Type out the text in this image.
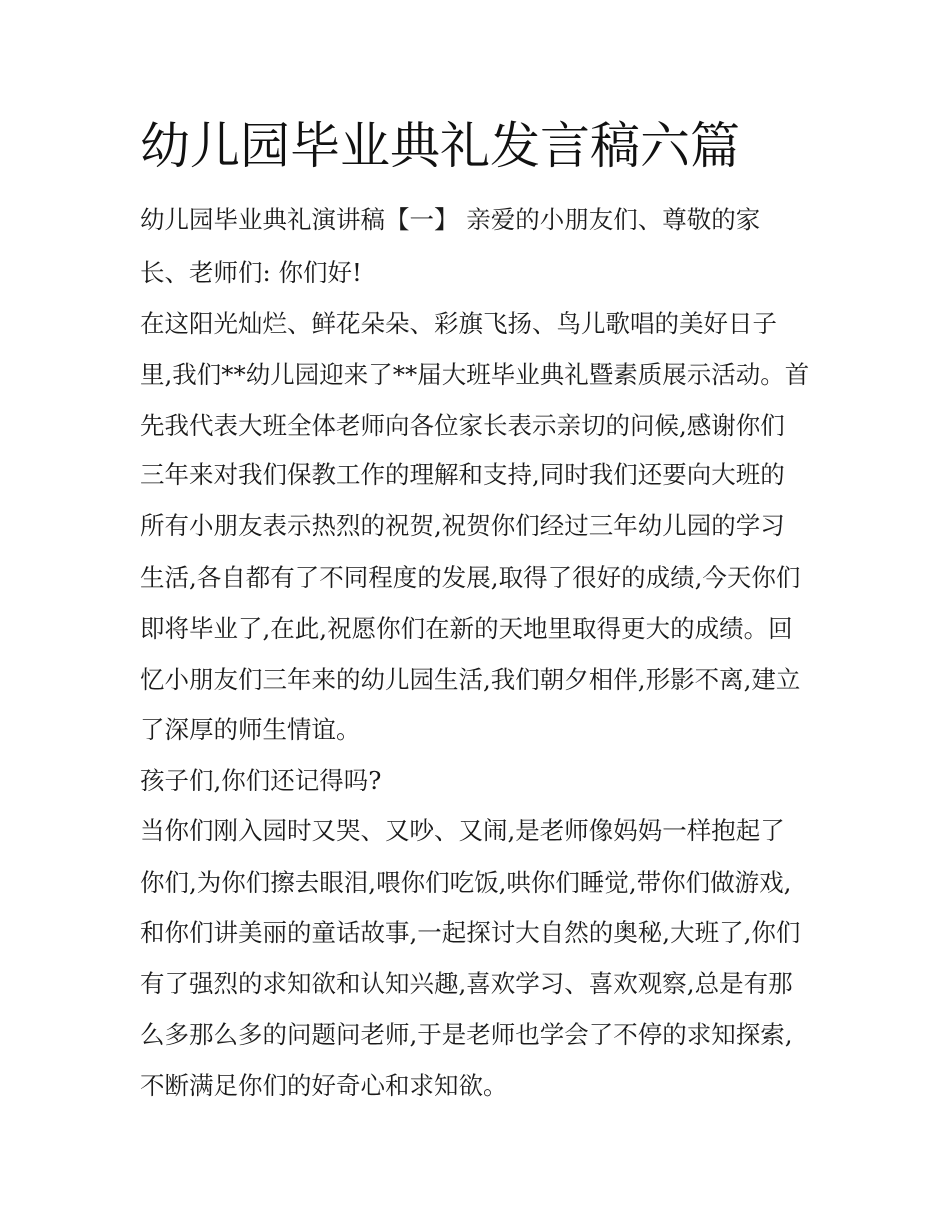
幼儿园毕业典礼发言稿六篇
幼儿园毕业典礼演讲稿【一】 亲爱的小朋友们、尊敬的家
长、老师们: 你们好!
在这阳光灿烂、鲜花朵朵、彩旗飞扬、鸟儿歌唱的美好日子
里,我们**幼儿园迎来了**届大班毕业典礼暨素质展示活动。首
先我代表大班全体老师向各位家长表示亲切的问候,感谢你们
三年来对我们保教工作的理解和支持,同时我们还要向大班的
所有小朋友表示热烈的祝贺,祝贺你们经过三年幼儿园的学习
生活,各自都有了不同程度的发展,取得了很好的成绩,今天你们
即将毕业了,在此,祝愿你们在新的天地里取得更大的成绩。回
忆小朋友们三年来的幼儿园生活,我们朝夕相伴,形影不离,建立
了深厚的师生情谊。
孩子们,你们还记得吗?
当你们刚入园时又哭、又吵、又闹,是老师像妈妈一样抱起了
你们,为你们擦去眼泪,喂你们吃饭,哄你们睡觉,带你们做游戏,
和你们讲美丽的童话故事,一起探讨大自然的奥秘,大班了,你们
有了强烈的求知欲和认知兴趣,喜欢学习、喜欢观察,总是有那
么多那么多的问题问老师,于是老师也学会了不停的求知探索,
不断满足你们的好奇心和求知欲。
